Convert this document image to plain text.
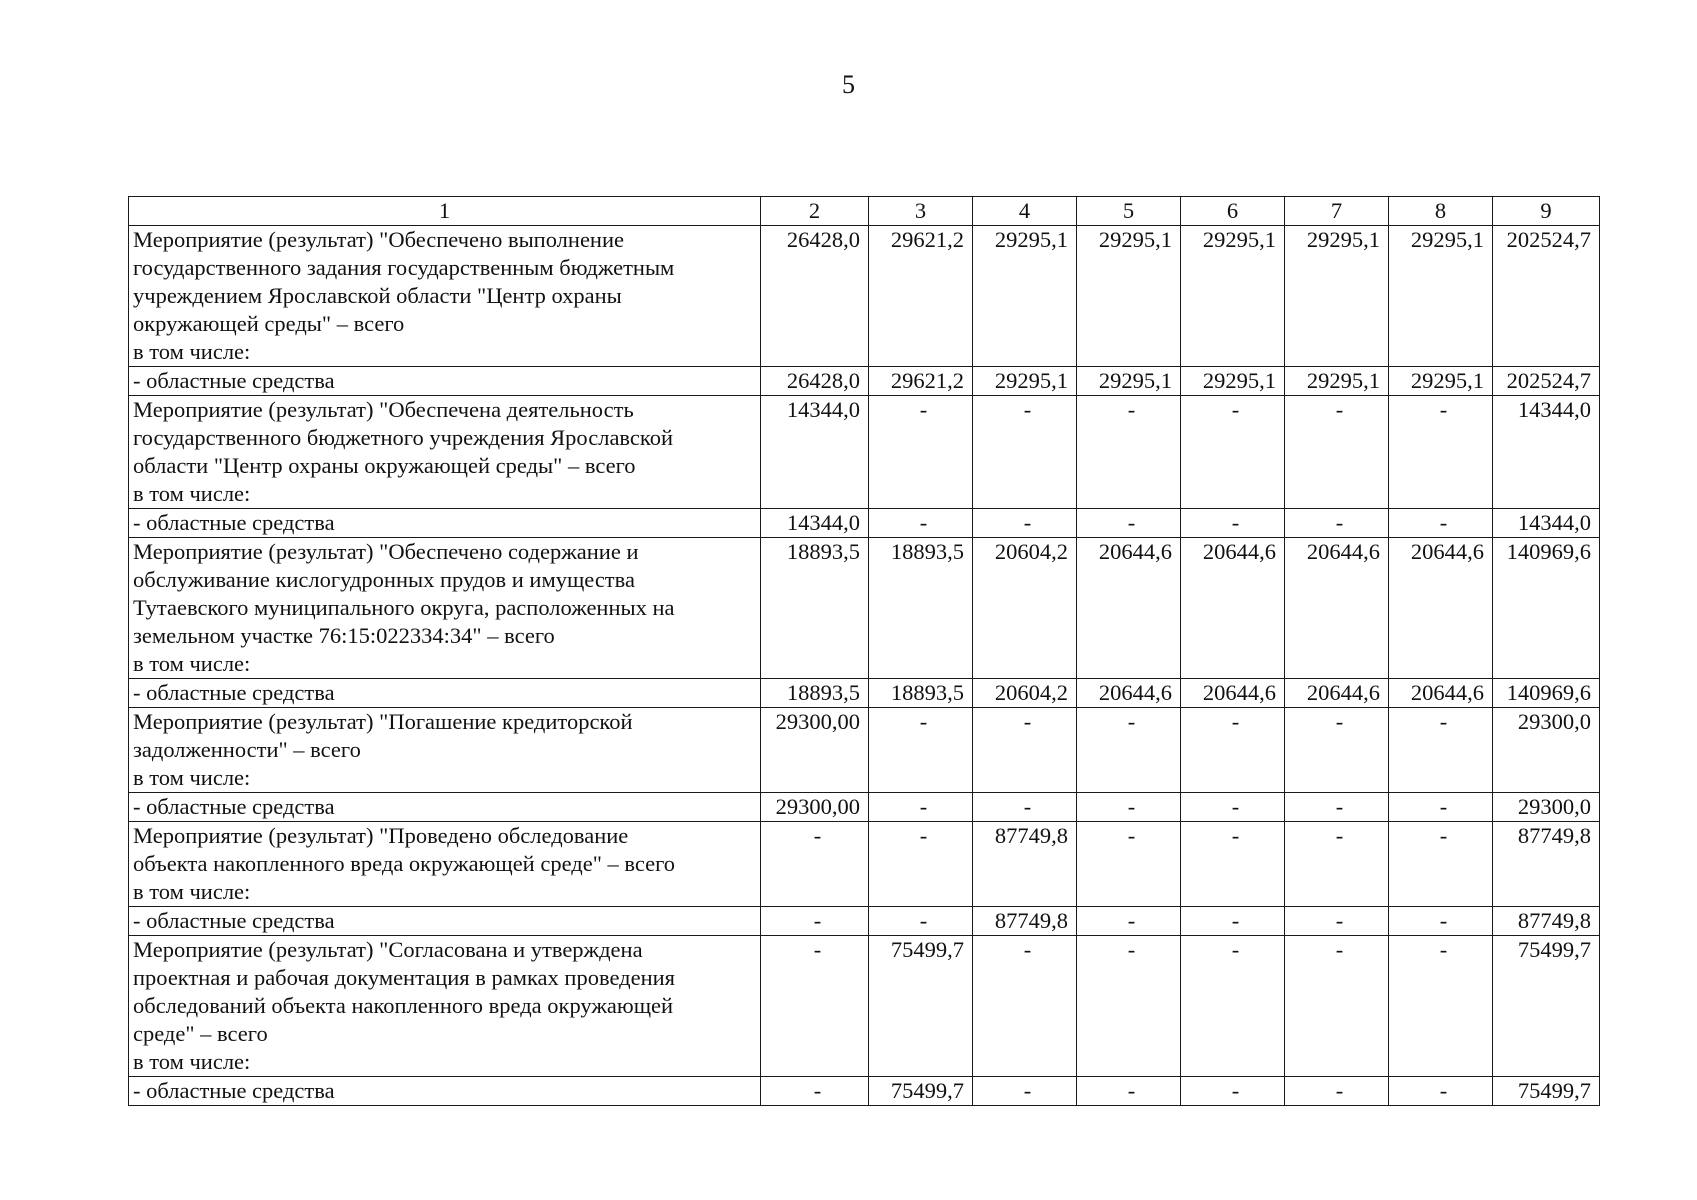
5
1	2	3	4	5	6	7	8	9
Мероприятие (результат) "Обеспечено выполнение
государственного задания государственным бюджетным
учреждением Ярославской области "Центр охраны
окружающей среды" – всего
в том числе:	26428,0	29621,2	29295,1	29295,1	29295,1	29295,1	29295,1	202524,7
- областные средства	26428,0	29621,2	29295,1	29295,1	29295,1	29295,1	29295,1	202524,7
Мероприятие (результат) "Обеспечена деятельность
государственного бюджетного учреждения Ярославской
области "Центр охраны окружающей среды" – всего
в том числе:	14344,0	-	-	-	-	-	-	14344,0
- областные средства	14344,0	-	-	-	-	-	-	14344,0
Мероприятие (результат) "Обеспечено содержание и
обслуживание кислогудронных прудов и имущества
Тутаевского муниципального округа, расположенных на
земельном участке 76:15:022334:34" – всего
в том числе:	18893,5	18893,5	20604,2	20644,6	20644,6	20644,6	20644,6	140969,6
- областные средства	18893,5	18893,5	20604,2	20644,6	20644,6	20644,6	20644,6	140969,6
Мероприятие (результат) "Погашение кредиторской
задолженности" – всего
в том числе:	29300,00	-	-	-	-	-	-	29300,0
- областные средства	29300,00	-	-	-	-	-	-	29300,0
Мероприятие (результат) "Проведено обследование
объекта накопленного вреда окружающей среде" – всего
в том числе:	-	-	87749,8	-	-	-	-	87749,8
- областные средства	-	-	87749,8	-	-	-	-	87749,8
Мероприятие (результат) "Согласована и утверждена
проектная и рабочая документация в рамках проведения
обследований объекта накопленного вреда окружающей
среде" – всего
в том числе:	-	75499,7	-	-	-	-	-	75499,7
- областные средства	-	75499,7	-	-	-	-	-	75499,7
